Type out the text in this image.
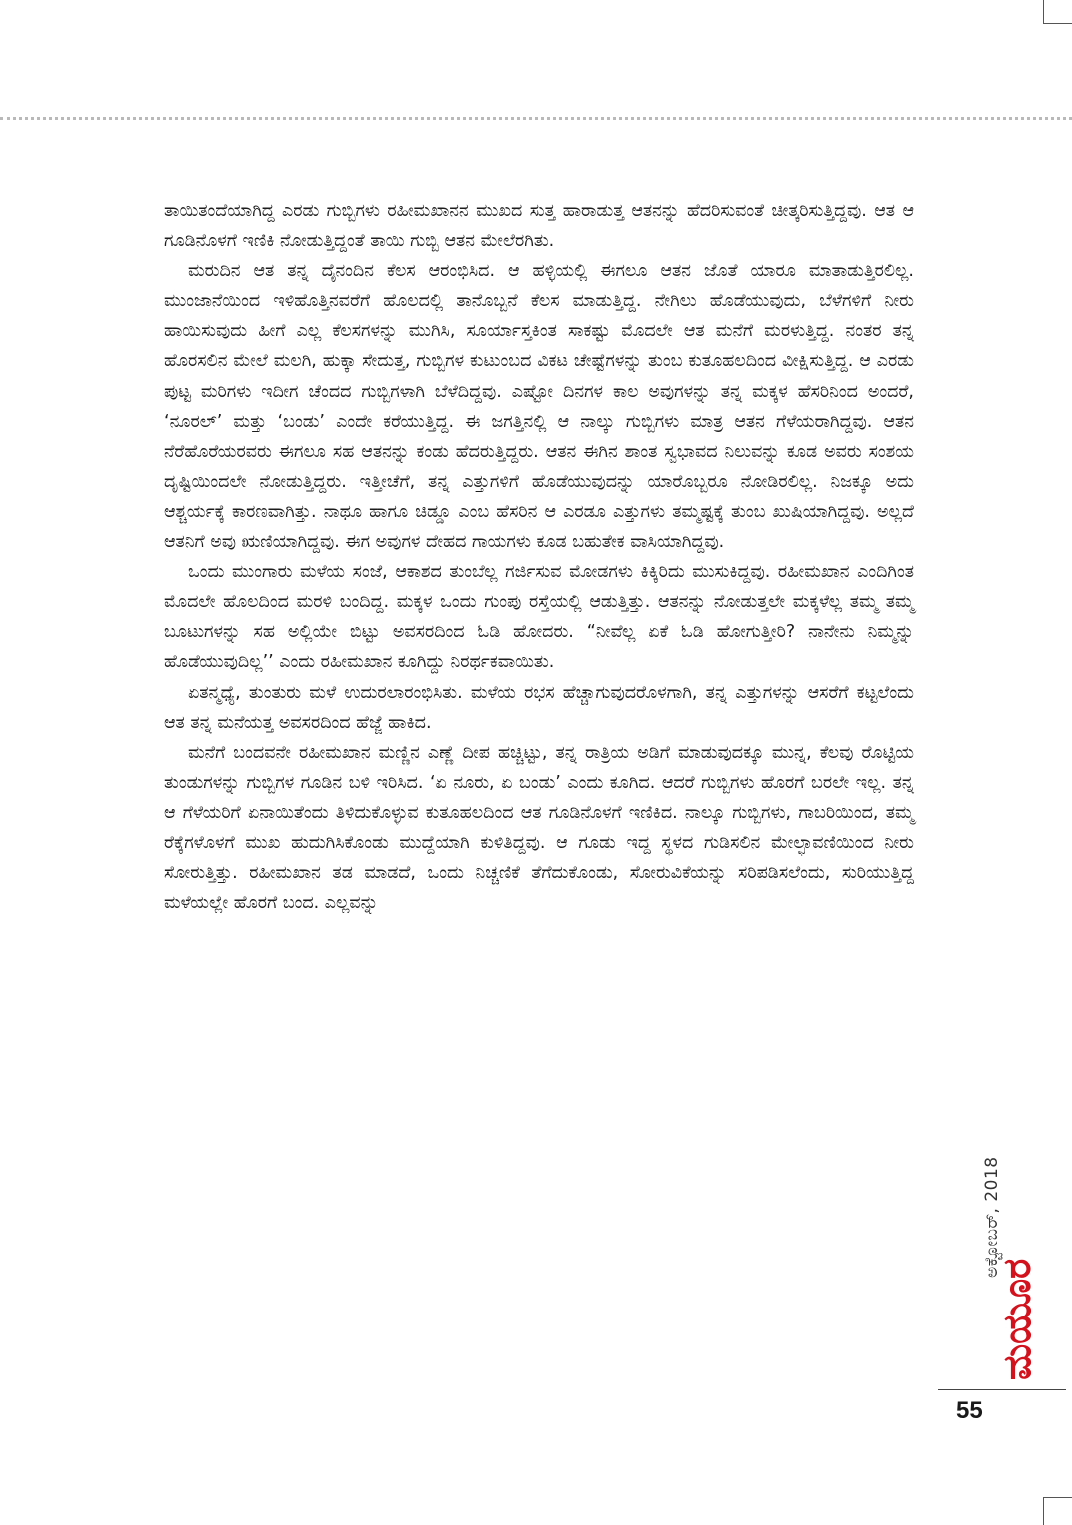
ತಾಯಿತಂದೆಯಾಗಿದ್ದ ಎರಡು ಗುಬ್ಬಿಗಳು ರಹೀಮಖಾನನ ಮುಖದ ಸುತ್ತ ಹಾರಾಡುತ್ತ ಆತನನ್ನು ಹೆದರಿಸುವಂತೆ ಚೀತ್ಕರಿಸುತ್ತಿದ್ದವು. ಆತ ಆ ಗೂಡಿನೊಳಗೆ ಇಣಿಕಿ ನೋಡುತ್ತಿದ್ದಂತೆ ತಾಯಿ ಗುಬ್ಬಿ ಆತನ ಮೇಲೆರಗಿತು.

ಮರುದಿನ ಆತ ತನ್ನ ದೈನಂದಿನ ಕೆಲಸ ಆರಂಭಿಸಿದ. ಆ ಹಳ್ಳಿಯಲ್ಲಿ ಈಗಲೂ ಆತನ ಜೊತೆ ಯಾರೂ ಮಾತಾಡುತ್ತಿರಲಿಲ್ಲ. ಮುಂಜಾನೆಯಿಂದ ಇಳಿಹೊತ್ತಿನವರೆಗೆ ಹೊಲದಲ್ಲಿ ತಾನೊಬ್ಬನೆ ಕೆಲಸ ಮಾಡುತ್ತಿದ್ದ. ನೇಗಿಲು ಹೊಡೆಯುವುದು, ಬೆಳೆಗಳಿಗೆ ನೀರು ಹಾಯಿಸುವುದು ಹೀಗೆ ಎಲ್ಲ ಕೆಲಸಗಳನ್ನು ಮುಗಿಸಿ, ಸೂರ್ಯಾಸ್ತಕಿಂತ ಸಾಕಷ್ಟು ಮೊದಲೇ ಆತ ಮನೆಗೆ ಮರಳುತ್ತಿದ್ದ. ನಂತರ ತನ್ನ ಹೊರಸಲಿನ ಮೇಲೆ ಮಲಗಿ, ಹುಕ್ಕಾ ಸೇದುತ್ತ, ಗುಬ್ಬಿಗಳ ಕುಟುಂಬದ ವಿಕಟ ಚೇಷ್ಟೆಗಳನ್ನು ತುಂಬ ಕುತೂಹಲದಿಂದ ವೀಕ್ಷಿಸುತ್ತಿದ್ದ. ಆ ಎರಡು ಪುಟ್ಟ ಮರಿಗಳು ಇದೀಗ ಚೆಂದದ ಗುಬ್ಬಿಗಳಾಗಿ ಬೆಳೆದಿದ್ದವು. ಎಷ್ಟೋ ದಿನಗಳ ಕಾಲ ಅವುಗಳನ್ನು ತನ್ನ ಮಕ್ಕಳ ಹೆಸರಿನಿಂದ ಅಂದರೆ, ‘ನೂರಲ್’ ಮತ್ತು ‘ಬಂಡು’ ಎಂದೇ ಕರೆಯುತ್ತಿದ್ದ. ಈ ಜಗತ್ತಿನಲ್ಲಿ ಆ ನಾಲ್ಕು ಗುಬ್ಬಿಗಳು ಮಾತ್ರ ಆತನ ಗೆಳೆಯರಾಗಿದ್ದವು. ಆತನ ನೆರೆಹೊರೆಯರವರು ಈಗಲೂ ಸಹ ಆತನನ್ನು ಕಂಡು ಹೆದರುತ್ತಿದ್ದರು. ಆತನ ಈಗಿನ ಶಾಂತ ಸ್ವಭಾವದ ನಿಲುವನ್ನು ಕೂಡ ಅವರು ಸಂಶಯ ದೃಷ್ಟಿಯಿಂದಲೇ ನೋಡುತ್ತಿದ್ದರು. ಇತ್ತೀಚೆಗೆ, ತನ್ನ ಎತ್ತುಗಳಿಗೆ ಹೊಡೆಯುವುದನ್ನು ಯಾರೊಬ್ಬರೂ ನೋಡಿರಲಿಲ್ಲ. ನಿಜಕ್ಕೂ ಅದು ಆಶ್ಚರ್ಯಕ್ಕೆ ಕಾರಣವಾಗಿತ್ತು. ನಾಥೂ ಹಾಗೂ ಚಿಡ್ಡೂ ಎಂಬ ಹೆಸರಿನ ಆ ಎರಡೂ ಎತ್ತುಗಳು ತಮ್ಮಷ್ಟಕ್ಕೆ ತುಂಬ ಖುಷಿಯಾಗಿದ್ದವು. ಅಲ್ಲದೆ ಆತನಿಗೆ ಅವು ಋಣಿಯಾಗಿದ್ದವು. ಈಗ ಅವುಗಳ ದೇಹದ ಗಾಯಗಳು ಕೂಡ ಬಹುತೇಕ ವಾಸಿಯಾಗಿದ್ದವು.

ಒಂದು ಮುಂಗಾರು ಮಳೆಯ ಸಂಜೆ, ಆಕಾಶದ ತುಂಬೆಲ್ಲ ಗರ್ಜಿಸುವ ಮೋಡಗಳು ಕಿಕ್ಕಿರಿದು ಮುಸುಕಿದ್ದವು. ರಹೀಮಖಾನ ಎಂದಿಗಿಂತ ಮೊದಲೇ ಹೊಲದಿಂದ ಮರಳಿ ಬಂದಿದ್ದ. ಮಕ್ಕಳ ಒಂದು ಗುಂಪು ರಸ್ತೆಯಲ್ಲಿ ಆಡುತ್ತಿತ್ತು. ಆತನನ್ನು ನೋಡುತ್ತಲೇ ಮಕ್ಕಳೆಲ್ಲ ತಮ್ಮ ತಮ್ಮ ಬೂಟುಗಳನ್ನು ಸಹ ಅಲ್ಲಿಯೇ ಬಿಟ್ಟು ಅವಸರದಿಂದ ಓಡಿ ಹೋದರು. “ನೀವೆಲ್ಲ ಏಕೆ ಓಡಿ ಹೋಗುತ್ತೀರಿ? ನಾನೇನು ನಿಮ್ಮನ್ನು ಹೊಡೆಯುವುದಿಲ್ಲ’’ ಎಂದು ರಹೀಮಖಾನ ಕೂಗಿದ್ದು ನಿರರ್ಥಕವಾಯಿತು.

ಏತನ್ಮಧ್ಯೆ, ತುಂತುರು ಮಳೆ ಉದುರಲಾರಂಭಿಸಿತು. ಮಳೆಯ ರಭಸ ಹೆಚ್ಚಾಗುವುದರೊಳಗಾಗಿ, ತನ್ನ ಎತ್ತುಗಳನ್ನು ಆಸರೆಗೆ ಕಟ್ಟಲೆಂದು ಆತ ತನ್ನ ಮನೆಯತ್ತ ಅವಸರದಿಂದ ಹೆಜ್ಜೆ ಹಾಕಿದ.

ಮನೆಗೆ ಬಂದವನೇ ರಹೀಮಖಾನ ಮಣ್ಣಿನ ಎಣ್ಣೆ ದೀಪ ಹಚ್ಚಿಟ್ಟು, ತನ್ನ ರಾತ್ರಿಯ ಅಡಿಗೆ ಮಾಡುವುದಕ್ಕೂ ಮುನ್ನ, ಕೆಲವು ರೊಟ್ಟಿಯ ತುಂಡುಗಳನ್ನು ಗುಬ್ಬಿಗಳ ಗೂಡಿನ ಬಳಿ ಇರಿಸಿದ. ‘ಏ ನೂರು, ಏ ಬಂಡು’ ಎಂದು ಕೂಗಿದ. ಆದರೆ ಗುಬ್ಬಿಗಳು ಹೊರಗೆ ಬರಲೇ ಇಲ್ಲ. ತನ್ನ ಆ ಗೆಳೆಯರಿಗೆ ಏನಾಯಿತೆಂದು ತಿಳಿದುಕೊಳ್ಳುವ ಕುತೂಹಲದಿಂದ ಆತ ಗೂಡಿನೊಳಗೆ ಇಣಿಕಿದ. ನಾಲ್ಕೂ ಗುಬ್ಬಿಗಳು, ಗಾಬರಿಯಿಂದ, ತಮ್ಮ ರೆಕ್ಕೆಗಳೊಳಗೆ ಮುಖ ಹುದುಗಿಸಿಕೊಂಡು ಮುದ್ದೆಯಾಗಿ ಕುಳಿತಿದ್ದವು. ಆ ಗೂಡು ಇದ್ದ ಸ್ಥಳದ ಗುಡಿಸಲಿನ ಮೇಲ್ಛಾವಣಿಯಿಂದ ನೀರು ಸೋರುತ್ತಿತ್ತು. ರಹೀಮಖಾನ ತಡ ಮಾಡದೆ, ಒಂದು ನಿಚ್ಚಣಿಕೆ ತೆಗೆದುಕೊಂಡು, ಸೋರುವಿಕೆಯನ್ನು ಸರಿಪಡಿಸಲೆಂದು, ಸುರಿಯುತ್ತಿದ್ದ ಮಳೆಯಲ್ಲೇ ಹೊರಗೆ ಬಂದ. ಎಲ್ಲವನ್ನು

ಅಕ್ಟೋಬರ್, 2018
ಮಯೂರ
55
